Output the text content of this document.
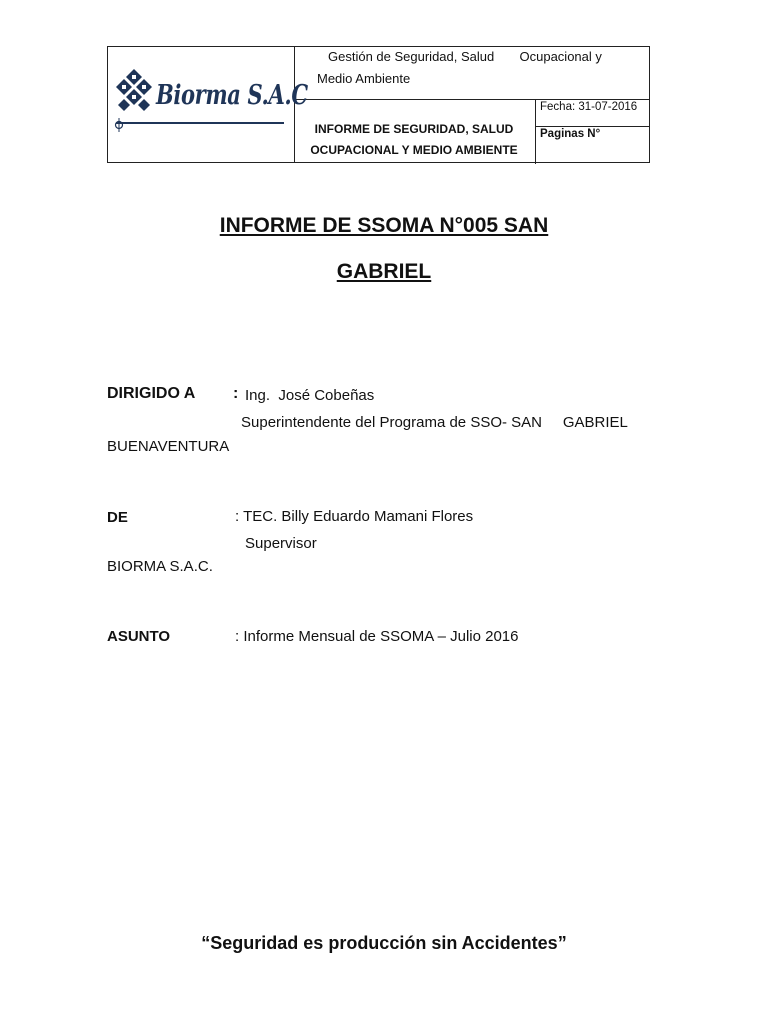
Biorma S.A.C
Gestión de Seguridad, Salud       Ocupacional y
Medio Ambiente
INFORME DE SEGURIDAD, SALUD
OCUPACIONAL Y MEDIO AMBIENTE
Fecha: 31-07-2016
Paginas N°
INFORME DE SSOMA N°005 SAN
GABRIEL
DIRIGIDO A : Ing.  José Cobeñas
Superintendente del Programa de SSO- SAN     GABRIEL
BUENAVENTURA
DE	: TEC. Billy Eduardo Mamani Flores
Supervisor
BIORMA S.A.C.
ASUNTO	: Informe Mensual de SSOMA – Julio 2016
“Seguridad es producción sin Accidentes”
